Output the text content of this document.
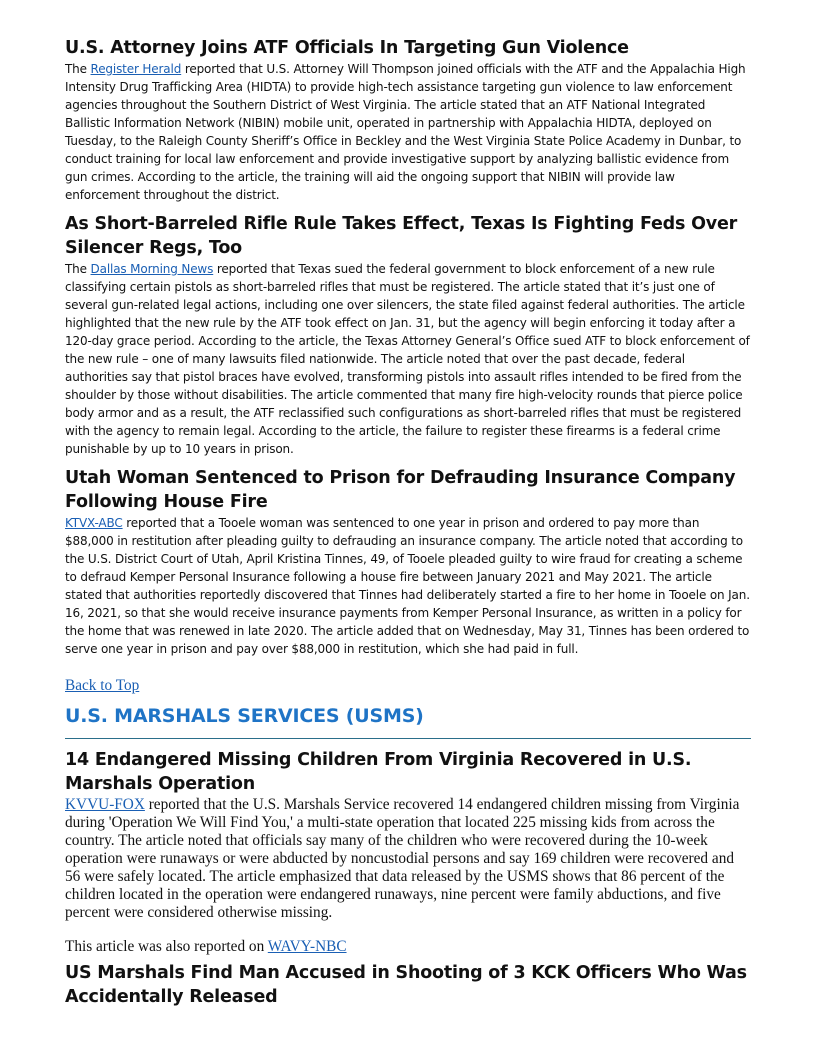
U.S. Attorney Joins ATF Officials In Targeting Gun Violence

The Register Herald reported that U.S. Attorney Will Thompson joined officials with the ATF and the Appalachia High Intensity Drug Trafficking Area (HIDTA) to provide high-tech assistance targeting gun violence to law enforcement agencies throughout the Southern District of West Virginia. The article stated that an ATF National Integrated Ballistic Information Network (NIBIN) mobile unit, operated in partnership with Appalachia HIDTA, deployed on Tuesday, to the Raleigh County Sheriff’s Office in Beckley and the West Virginia State Police Academy in Dunbar, to conduct training for local law enforcement and provide investigative support by analyzing ballistic evidence from gun crimes. According to the article, the training will aid the ongoing support that NIBIN will provide law enforcement throughout the district.

As Short-Barreled Rifle Rule Takes Effect, Texas Is Fighting Feds Over Silencer Regs, Too

The Dallas Morning News reported that Texas sued the federal government to block enforcement of a new rule classifying certain pistols as short-barreled rifles that must be registered. The article stated that it’s just one of several gun-related legal actions, including one over silencers, the state filed against federal authorities. The article highlighted that the new rule by the ATF took effect on Jan. 31, but the agency will begin enforcing it today after a 120-day grace period. According to the article, the Texas Attorney General’s Office sued ATF to block enforcement of the new rule – one of many lawsuits filed nationwide. The article noted that over the past decade, federal authorities say that pistol braces have evolved, transforming pistols into assault rifles intended to be fired from the shoulder by those without disabilities. The article commented that many fire high-velocity rounds that pierce police body armor and as a result, the ATF reclassified such configurations as short-barreled rifles that must be registered with the agency to remain legal. According to the article, the failure to register these firearms is a federal crime punishable by up to 10 years in prison.

Utah Woman Sentenced to Prison for Defrauding Insurance Company Following House Fire

KTVX-ABC reported that a Tooele woman was sentenced to one year in prison and ordered to pay more than $88,000 in restitution after pleading guilty to defrauding an insurance company. The article noted that according to the U.S. District Court of Utah, April Kristina Tinnes, 49, of Tooele pleaded guilty to wire fraud for creating a scheme to defraud Kemper Personal Insurance following a house fire between January 2021 and May 2021. The article stated that authorities reportedly discovered that Tinnes had deliberately started a fire to her home in Tooele on Jan. 16, 2021, so that she would receive insurance payments from Kemper Personal Insurance, as written in a policy for the home that was renewed in late 2020. The article added that on Wednesday, May 31, Tinnes has been ordered to serve one year in prison and pay over $88,000 in restitution, which she had paid in full.

Back to Top

U.S. MARSHALS SERVICES (USMS)
14 Endangered Missing Children From Virginia Recovered in U.S. Marshals Operation

KVVU-FOX reported that the U.S. Marshals Service recovered 14 endangered children missing from Virginia during 'Operation We Will Find You,' a multi-state operation that located 225 missing kids from across the country. The article noted that officials say many of the children who were recovered during the 10-week operation were runaways or were abducted by noncustodial persons and say 169 children were recovered and 56 were safely located. The article emphasized that data released by the USMS shows that 86 percent of the children located in the operation were endangered runaways, nine percent were family abductions, and five percent were considered otherwise missing.

This article was also reported on WAVY-NBC

US Marshals Find Man Accused in Shooting of 3 KCK Officers Who Was Accidentally Released
